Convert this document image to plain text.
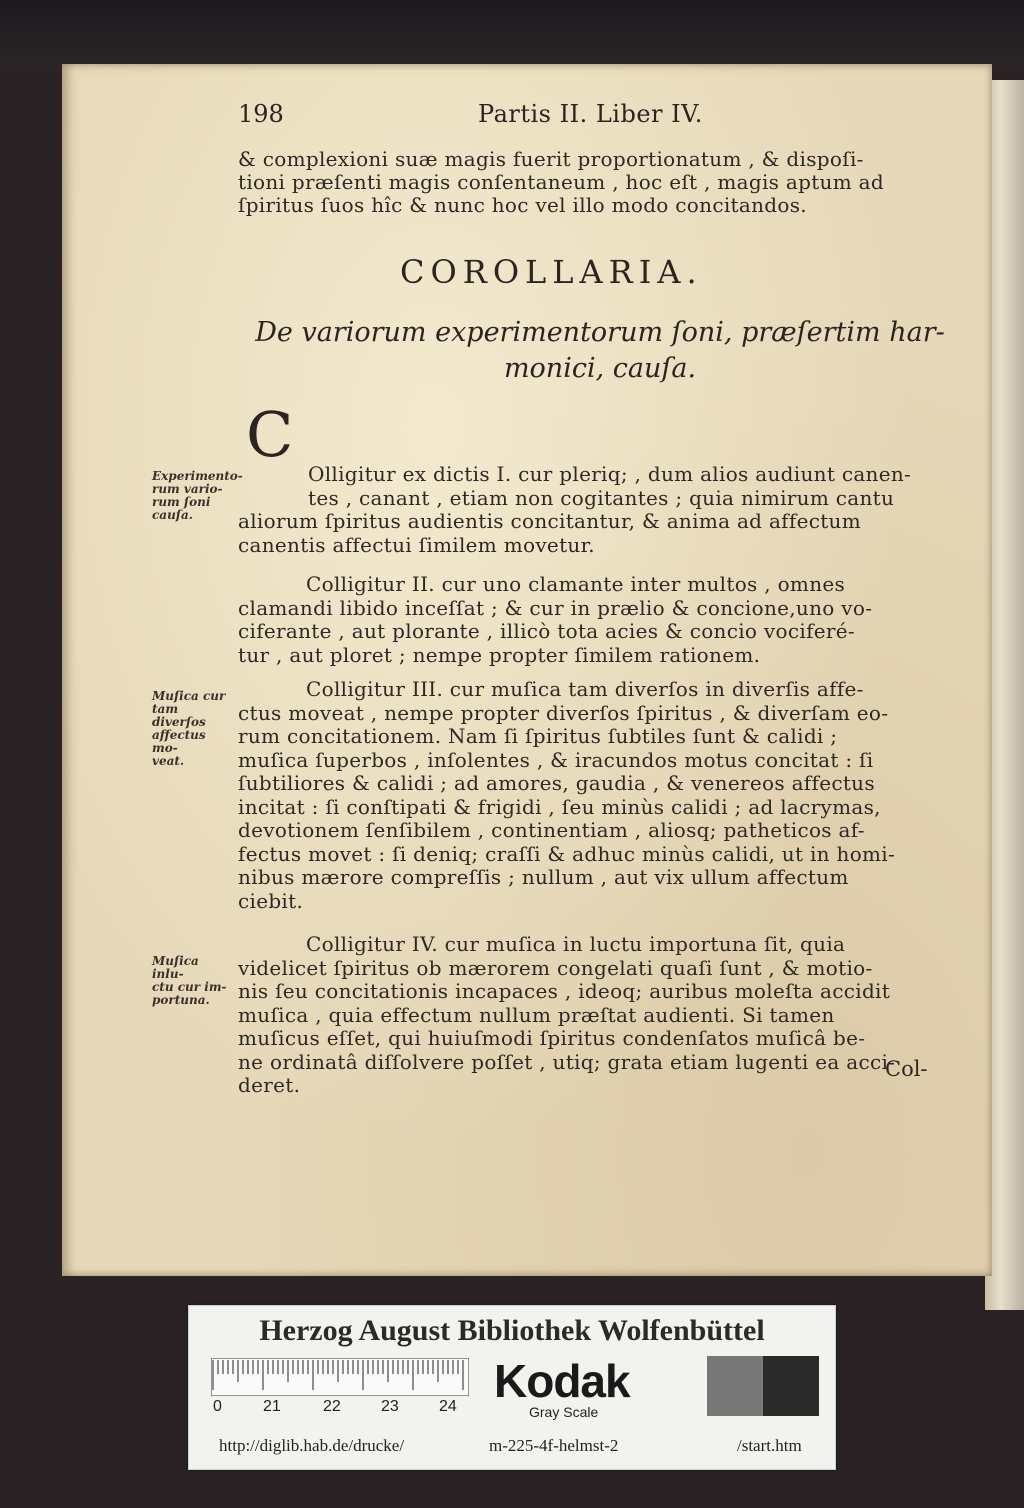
198	Partis II. Liber IV.
& complexioni suæ magis fuerit proportionatum , & dispoſi-
tioni præſenti magis conſentaneum , hoc eſt , magis aptum ad
ſpiritus ſuos hîc & nunc hoc vel illo modo concitandos.
COROLLARIA.
De variorum experimentorum ſoni, præſertim har-
monici, cauſa.
C
Olligitur ex dictis I. cur pleriq; , dum alios audiunt canen-
tes , canant , etiam non cogitantes ; quia nimirum cantu
aliorum ſpiritus audientis concitantur, & anima ad affectum
canentis affectui ſimilem movetur.
Colligitur II. cur uno clamante inter multos , omnes
clamandi libido inceſſat ; & cur in prælio & concione,uno vo-
ciferante , aut plorante , illicò tota acies & concio vociferé-
tur , aut ploret ; nempe propter ſimilem rationem.
Colligitur III. cur muſica tam diverſos in diverſis affe-
ctus moveat , nempe propter diverſos ſpiritus , & diverſam eo-
rum concitationem. Nam ſi ſpiritus ſubtiles ſunt & calidi ;
muſica ſuperbos , inſolentes , & iracundos motus concitat : ſi
ſubtiliores & calidi ; ad amores, gaudia , & venereos affectus
incitat : ſi conſtipati & frigidi , ſeu minùs calidi ; ad lacrymas,
devotionem ſenſibilem , continentiam , aliosq; patheticos af-
fectus movet : ſi deniq; craſſi & adhuc minùs calidi, ut in homi-
nibus mærore compreſſis ; nullum , aut vix ullum affectum
ciebit.
Colligitur IV. cur muſica in luctu importuna ſit, quia
videlicet ſpiritus ob mærorem congelati quaſi ſunt , & motio-
nis ſeu concitationis incapaces , ideoq; auribus moleſta accidit
muſica , quia effectum nullum præſtat audienti. Si tamen
muſicus eſſet, qui huiuſmodi ſpiritus condenſatos muſicâ be-
ne ordinatâ diſſolvere poſſet , utiq; grata etiam lugenti ea acci-
deret.
Col-
Experimento-
rum vario-
rum ſoni
cauſa.
Muſica cur
tam diverſos
affectus mo-
veat.
Muſica inlu-
ctu cur im-
portuna.
Herzog August Bibliothek Wolfenbüttel
0	21	22	23	24 Kodak
Gray Scale
http://diglib.hab.de/drucke/	m-225-4f-helmst-2	/start.htm
